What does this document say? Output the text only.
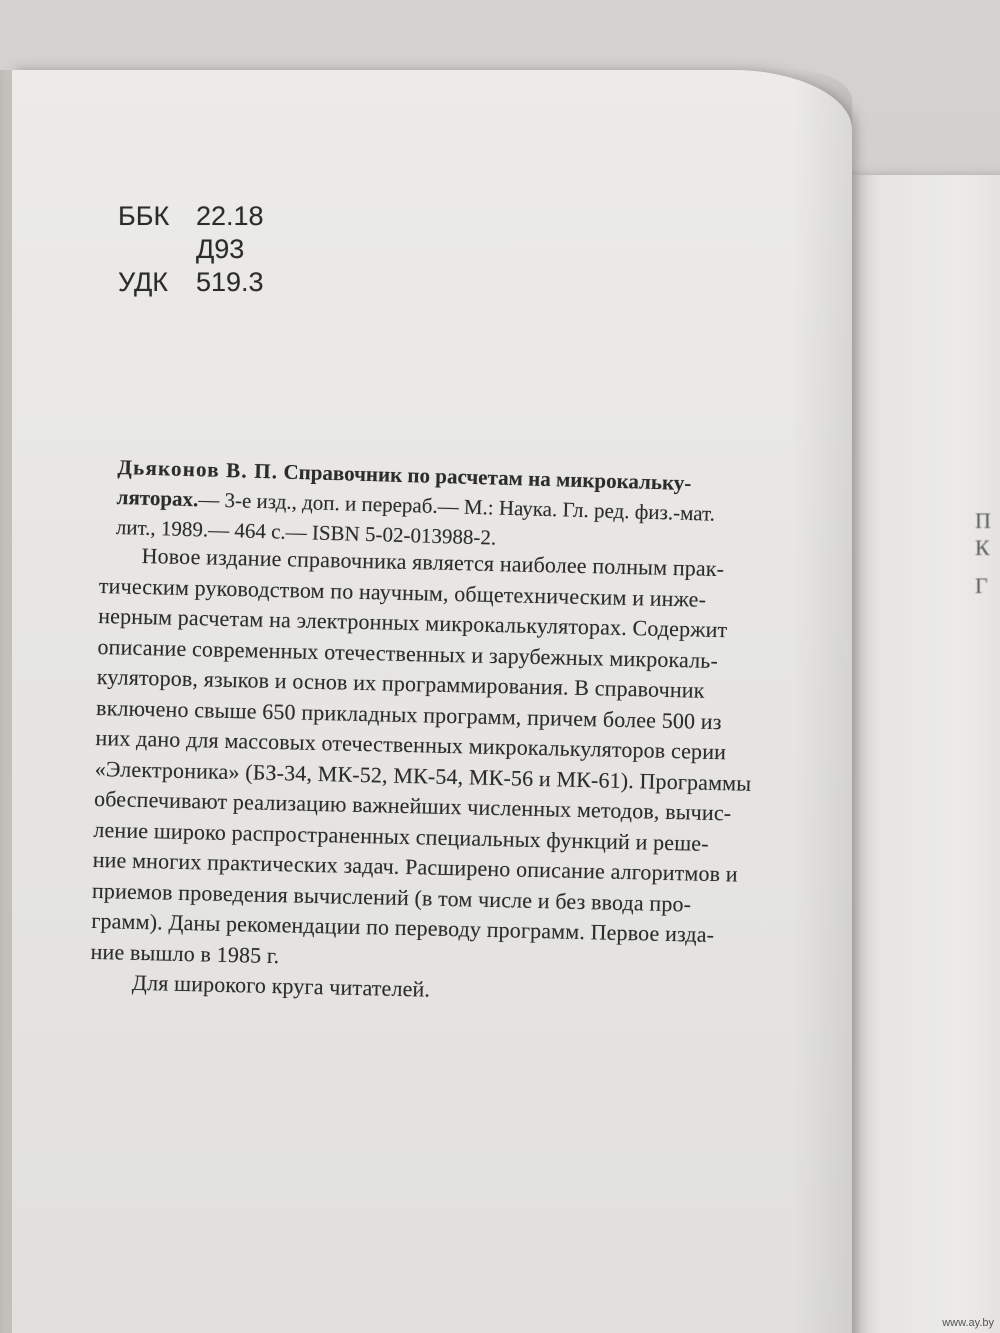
П
К
Г
ББК 22.18
Д93
УДК	519.3
Дьяконов В. П. Справочник по расчетам на микрокальку-
ляторах.— 3-е изд., доп. и перераб.— М.: Наука. Гл. ред. физ.-мат.
лит., 1989.— 464 с.— ISBN 5-02-013988-2.
Новое издание справочника является наиболее полным прак-
тическим руководством по научным, общетехническим и инже-
нерным расчетам на электронных микрокалькуляторах. Содержит
описание современных отечественных и зарубежных микрокаль-
куляторов, языков и основ их программирования. В справочник
включено свыше 650 прикладных программ, причем более 500 из
них дано для массовых отечественных микрокалькуляторов серии
«Электроника» (БЗ-34, МК-52, МК-54, МК-56 и МК-61). Программы
обеспечивают реализацию важнейших численных методов, вычис-
ление широко распространенных специальных функций и реше-
ние многих практических задач. Расширено описание алгоритмов и
приемов проведения вычислений (в том числе и без ввода про-
грамм). Даны рекомендации по переводу программ. Первое изда-
ние вышло в 1985 г.
Для широкого круга читателей.
www.ay.by
